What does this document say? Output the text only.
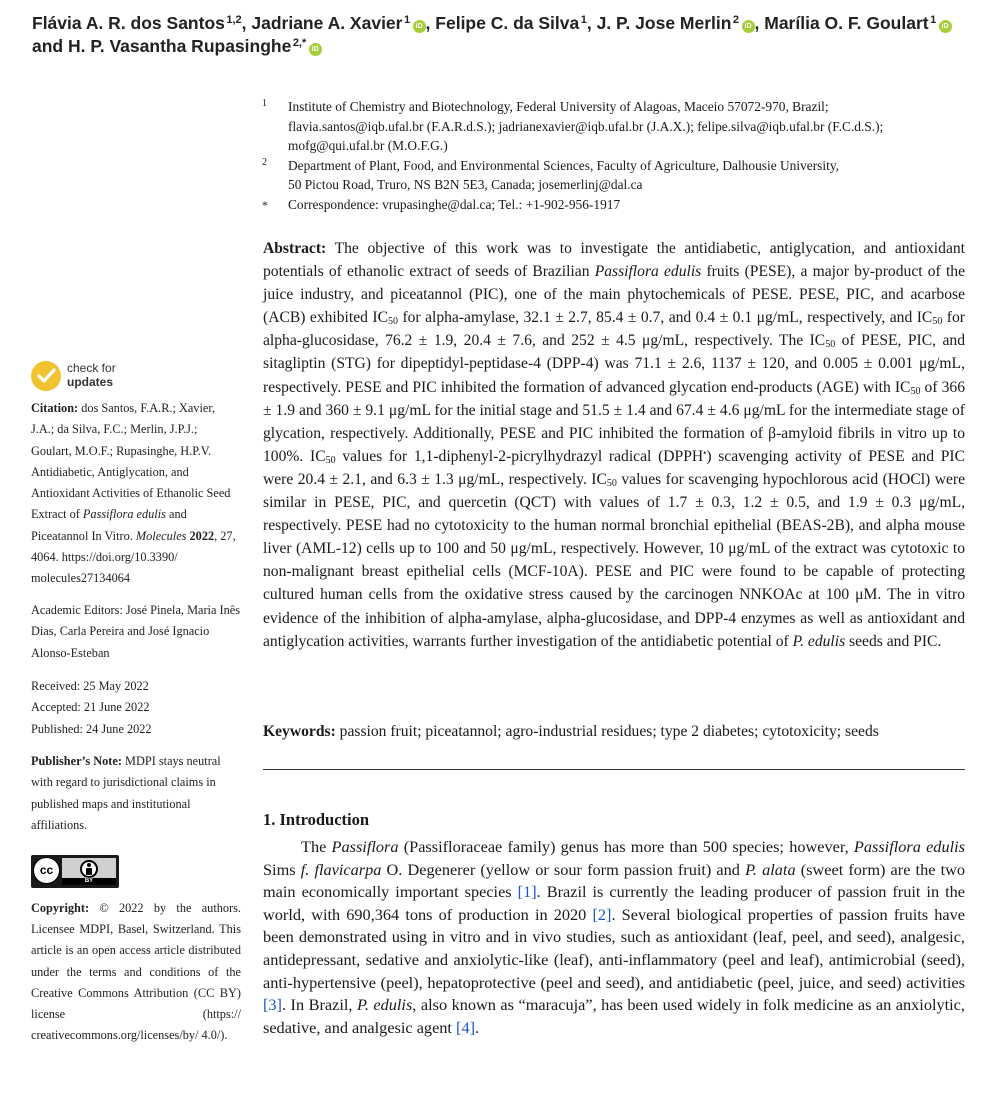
Flávia A. R. dos Santos $^{1,2}$, Jadriane A. Xavier $^1$ iD , Felipe C. da Silva $^1$, J. P. Jose Merlin $^2$ iD , Marília O. F. Goulart $^1$ iD
and H. P. Vasantha Rupasinghe $^{2,*}$ iD
1 Institute of Chemistry and Biotechnology, Federal University of Alagoas, Maceio 57072-970, Brazil;
flavia.santos@iqb.ufal.br (F.A.R.d.S.); jadrianexavier@iqb.ufal.br (J.A.X.); felipe.silva@iqb.ufal.br (F.C.d.S.);
mofg@qui.ufal.br (M.O.F.G.)
2 Department of Plant, Food, and Environmental Sciences, Faculty of Agriculture, Dalhousie University,
50 Pictou Road, Truro, NS B2N 5E3, Canada; josemerlinj@dal.ca
* Correspondence: vrupasinghe@dal.ca; Tel.: +1-902-956-1917
Abstract: The objective of this work was to investigate the antidiabetic, antiglycation, and antioxidant potentials of ethanolic extract of seeds of Brazilian Passiflora edulis fruits (PESE), a major by-product of the juice industry, and piceatannol (PIC), one of the main phytochemicals of PESE. PESE, PIC, and acarbose (ACB) exhibited $IC_{50}$ for alpha-amylase, 32.1 ± 2.7, 85.4 ± 0.7, and 0.4 ± 0.1 μg/mL, respectively, and $IC_{50}$ for alpha-glucosidase, 76.2 ± 1.9, 20.4 ± 7.6, and 252 ± 4.5 μg/mL, respectively. The $IC_{50}$ of PESE, PIC, and sitagliptin (STG) for dipeptidyl-peptidase-4 (DPP-4) was 71.1 ± 2.6, 1137 ± 120, and 0.005 ± 0.001 μg/mL, respectively. PESE and PIC inhibited the formation of advanced glycation end-products (AGE) with $IC_{50}$ of 366 ± 1.9 and 360 ± 9.1 μg/mL for the initial stage and 51.5 ± 1.4 and 67.4 ± 4.6 μg/mL for the intermediate stage of glycation, respectively. Additionally, PESE and PIC inhibited the formation of β-amyloid fibrils in vitro up to 100%. $IC_{50}$ values for 1,1-diphenyl-2-picrylhydrazyl radical (DPPH•) scavenging activity of PESE and PIC were 20.4 ± 2.1, and 6.3 ± 1.3 μg/mL, respectively. $IC_{50}$ values for scavenging hypochlorous acid (HOCl) were similar in PESE, PIC, and quercetin (QCT) with values of 1.7 ± 0.3, 1.2 ± 0.5, and 1.9 ± 0.3 μg/mL, respectively. PESE had no cytotoxicity to the human normal bronchial epithelial (BEAS-2B), and alpha mouse liver (AML-12) cells up to 100 and 50 μg/mL, respectively. However, 10 μg/mL of the extract was cytotoxic to non-malignant breast epithelial cells (MCF-10A). PESE and PIC were found to be capable of protecting cultured human cells from the oxidative stress caused by the carcinogen NNKOAc at 100 μM. The in vitro evidence of the inhibition of alpha-amylase, alpha-glucosidase, and DPP-4 enzymes as well as antioxidant and antiglycation activities, warrants further investigation of the antidiabetic potential of P. edulis seeds and PIC.
Keywords: passion fruit; piceatannol; agro-industrial residues; type 2 diabetes; cytotoxicity; seeds
1. Introduction

The Passiflora (Passifloraceae family) genus has more than 500 species; however, Passiflora edulis Sims f. flavicarpa O. Degenerer (yellow or sour form passion fruit) and P. alata (sweet form) are the two main economically important species [1]. Brazil is currently the leading producer of passion fruit in the world, with 690,364 tons of production in 2020 [2]. Several biological properties of passion fruits have been demonstrated using in vitro and in vivo studies, such as antioxidant (leaf, peel, and seed), analgesic, antidepressant, sedative and anxiolytic-like (leaf), anti-inflammatory (peel and leaf), antimicrobial (seed), anti-hypertensive (peel), hepatoprotective (peel and seed), and antidiabetic (peel, juice, and seed) activities [3]. In Brazil, P. edulis, also known as “maracuja”, has been used widely in folk medicine as an anxiolytic, sedative, and analgesic agent [4].

check for
updates
Citation: dos Santos, F.A.R.; Xavier, J.A.; da Silva, F.C.; Merlin, J.P.J.; Goulart, M.O.F.; Rupasinghe, H.P.V. Antidiabetic, Antiglycation, and Antioxidant Activities of Ethanolic Seed Extract of Passiflora edulis and Piceatannol In Vitro. Molecules 2022, 27, 4064. https://doi.org/10.3390/ molecules27134064
Academic Editors: José Pinela, Maria Inês Dias, Carla Pereira and José Ignacio Alonso-Esteban
Received: 25 May 2022
Accepted: 21 June 2022
Published: 24 June 2022
Publisher’s Note: MDPI stays neutral with regard to jurisdictional claims in published maps and institutional affiliations.
cc
BY
Copyright: © 2022 by the authors. Licensee MDPI, Basel, Switzerland. This article is an open access article distributed under the terms and conditions of the Creative Commons Attribution (CC BY) license (https:// creativecommons.org/licenses/by/ 4.0/).
